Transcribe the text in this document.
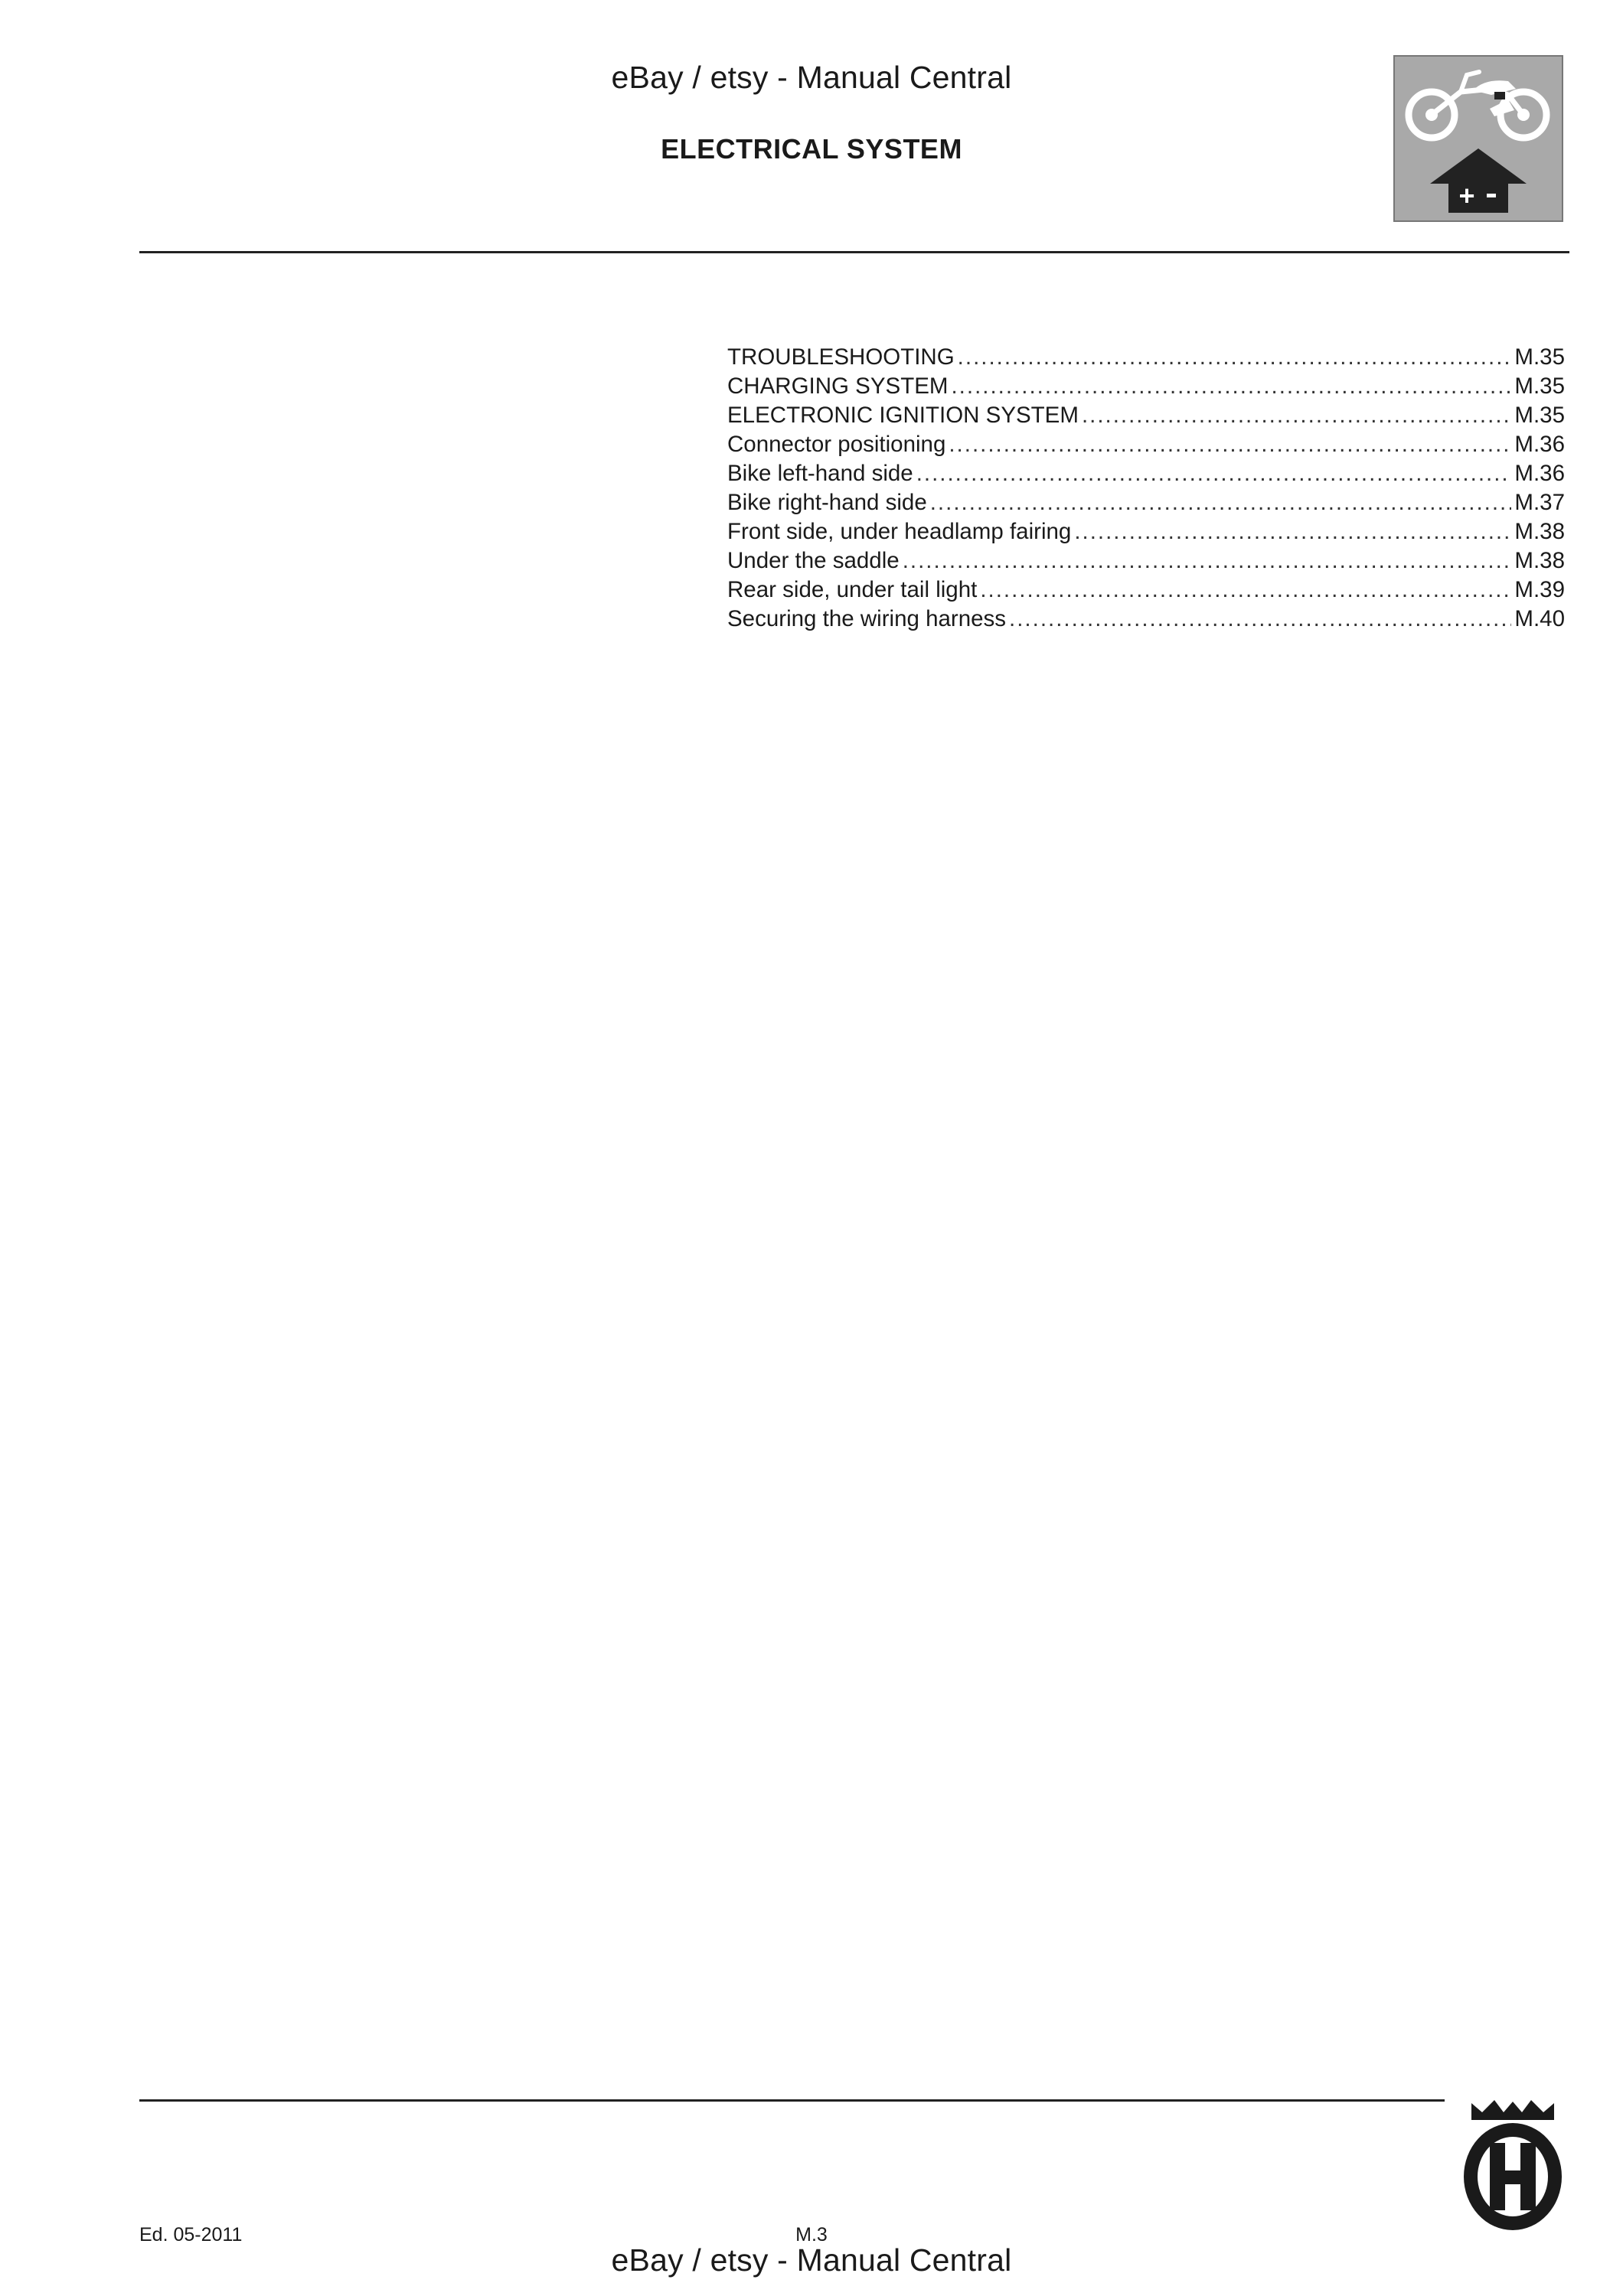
eBay / etsy - Manual Central
ELECTRICAL SYSTEM
+
TROUBLESHOOTING .....	M.35
CHARGING SYSTEM .....	M.35
ELECTRONIC IGNITION SYSTEM .....	M.35
Connector positioning .....	M.36
Bike left-hand side .....	M.36
Bike right-hand side .....	M.37
Front side, under headlamp fairing .....	M.38
Under the saddle .....	M.38
Rear side, under tail light .....	M.39
Securing the wiring harness .....	M.40
Ed. 05-2011	M.3
eBay / etsy - Manual Central
